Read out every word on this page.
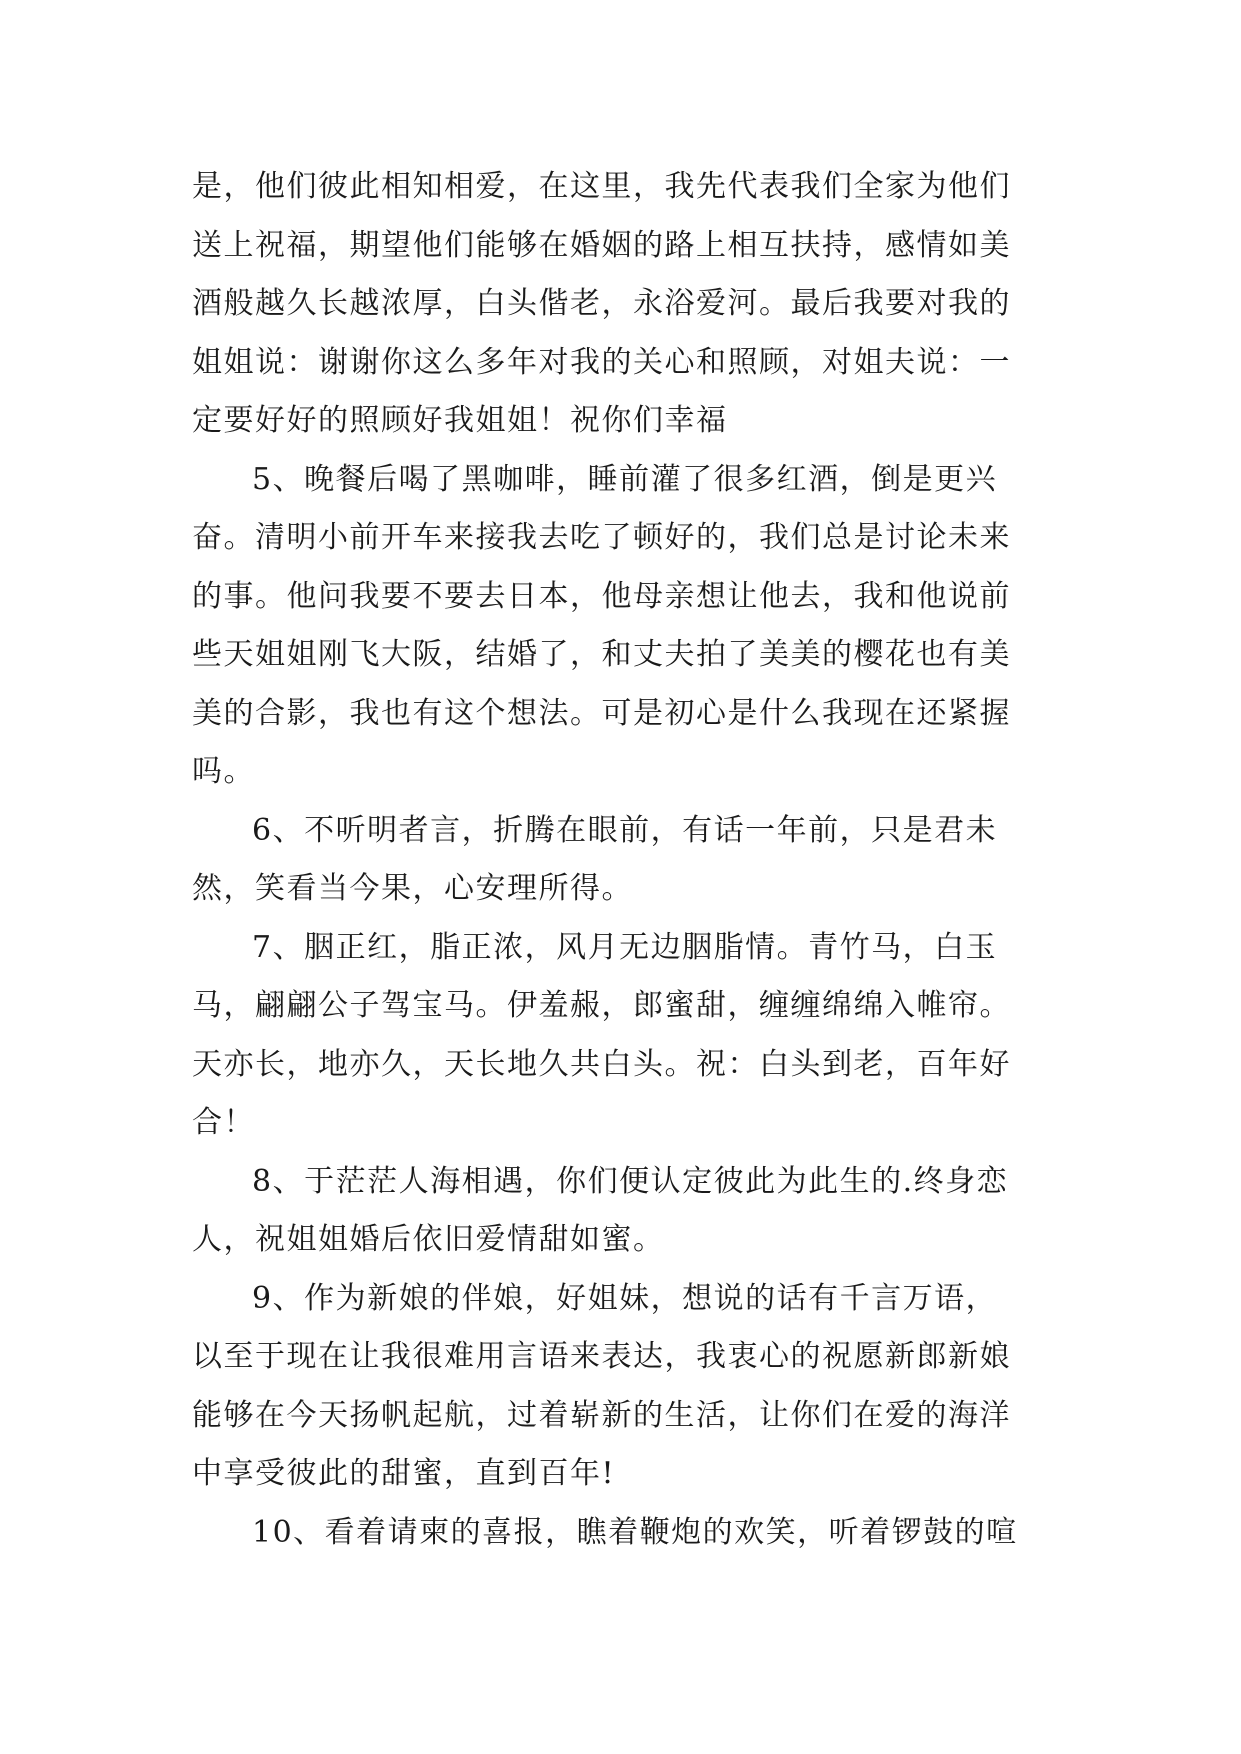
是，他们彼此相知相爱，在这里，我先代表我们全家为他们
送上祝福，期望他们能够在婚姻的路上相互扶持，感情如美
酒般越久长越浓厚，白头偕老，永浴爱河。最后我要对我的
姐姐说：谢谢你这么多年对我的关心和照顾，对姐夫说：一
定要好好的照顾好我姐姐！祝你们幸福
5、晚餐后喝了黑咖啡，睡前灌了很多红酒，倒是更兴
奋。清明小前开车来接我去吃了顿好的，我们总是讨论未来
的事。他问我要不要去日本，他母亲想让他去，我和他说前
些天姐姐刚飞大阪，结婚了，和丈夫拍了美美的樱花也有美
美的合影，我也有这个想法。可是初心是什么我现在还紧握
吗。
6、不听明者言，折腾在眼前，有话一年前，只是君未
然，笑看当今果，心安理所得。
7、胭正红，脂正浓，风月无边胭脂情。青竹马，白玉
马，翩翩公子驾宝马。伊羞赧，郎蜜甜，缠缠绵绵入帷帘。
天亦长，地亦久，天长地久共白头。祝：白头到老，百年好
合！
8、于茫茫人海相遇，你们便认定彼此为此生的.终身恋
人，祝姐姐婚后依旧爱情甜如蜜。
9、作为新娘的伴娘，好姐妹，想说的话有千言万语，
以至于现在让我很难用言语来表达，我衷心的祝愿新郎新娘
能够在今天扬帆起航，过着崭新的生活，让你们在爱的海洋
中享受彼此的甜蜜，直到百年!
10、看着请柬的喜报，瞧着鞭炮的欢笑，听着锣鼓的喧
